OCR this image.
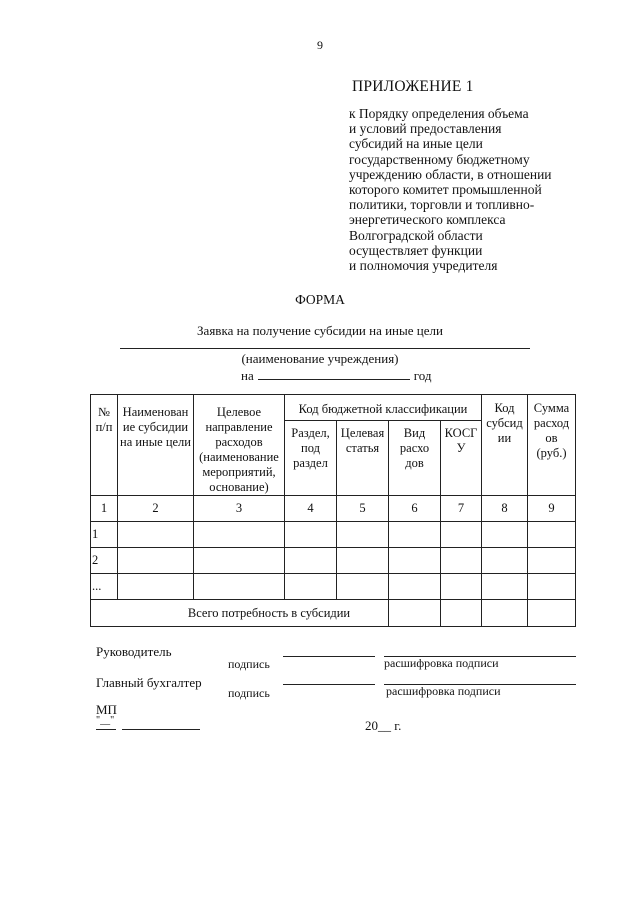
9
ПРИЛОЖЕНИЕ 1
к Порядку определения объема
и условий предоставления
субсидий на иные цели
государственному бюджетному
учреждению области, в отношении
которого комитет промышленной
политики, торговли и топливно-
энергетического комплекса
Волгоградской области
осуществляет функции
и полномочия учредителя
ФОРМА
Заявка на получение субсидии на иные цели
(наименование учреждения)
на	год
№ п/п	Наименован ие субсидии на иные цели	Целевое направление расходов (наименование мероприятий, основание)	Код бюджетной классификации				Код субсид ии	Сумма расход ов (руб.)
			Раздел, под раздел	Целевая статья	Вид расхо дов	КОСГ У		
1	2	3	4	5	6	7	8	9
1								
2								
...								
Всего потребность в субсидии								
Руководитель
подпись	расшифровка подписи
Главный бухгалтер
подпись	расшифровка подписи
МП
"__"	20__ г.
